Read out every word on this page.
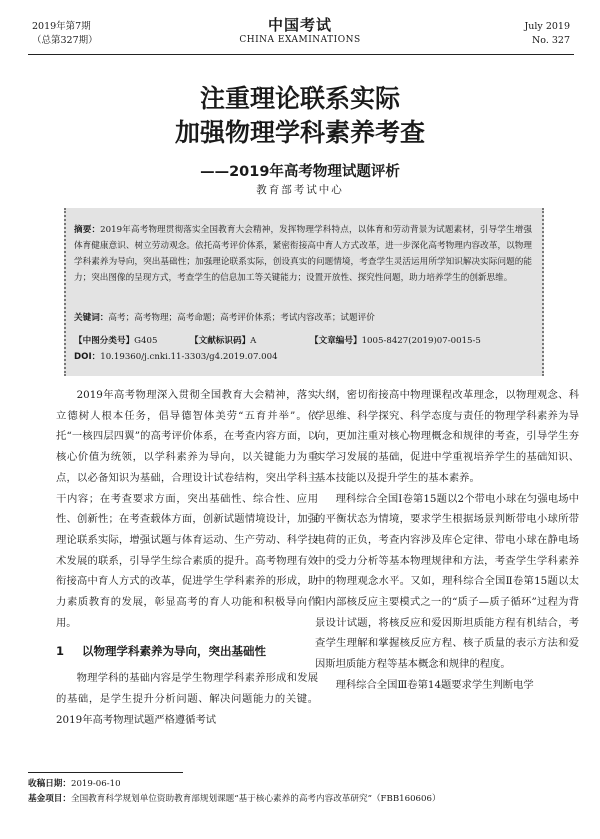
2019年第7期
（总第327期）
中国考试
CHINA EXAMINATIONS
July 2019
No. 327
注重理论联系实际
加强物理学科素养考查
——2019年高考物理试题评析
教育部考试中心
摘要：2019年高考物理贯彻落实全国教育大会精神，发挥物理学科特点，以体育和劳动背景为试题素材，引导学生增强体育健康意识、树立劳动观念。依托高考评价体系，紧密衔接高中育人方式改革，进一步深化高考物理内容改革，以物理学科素养为导向，突出基础性；加强理论联系实际，创设真实的问题情境，考查学生灵活运用所学知识解决实际问题的能力；突出图像的呈现方式，考查学生的信息加工等关键能力；设置开放性、探究性问题，助力培养学生的创新思维。
关键词：高考；高考物理；高考命题；高考评价体系；考试内容改革；试题评价
【中图分类号】G405	【文献标识码】A	【文章编号】1005-8427(2019)07-0015-5
DOI：10.19360/j.cnki.11-3303/g4.2019.07.004

2019年高考物理深入贯彻全国教育大会精神，落实立德树人根本任务，倡导德智体美劳“五育并举”。依托“一核四层四翼”的高考评价体系，在考查内容方面，以核心价值为统领，以学科素养为导向，以关键能力为重点，以必备知识为基础，合理设计试卷结构，突出学科主干内容；在考查要求方面，突出基础性、综合性、应用性、创新性；在考查载体方面，创新试题情境设计，加强理论联系实际，增强试题与体育运动、生产劳动、科学技术发展的联系，引导学生综合素质的提升。高考物理有效衔接高中育人方式的改革，促进学生学科素养的形成，助力素质教育的发展，彰显高考的育人功能和积极导向作用。

1 以物理学科素养为导向，突出基础性

物理学科的基础内容是学生物理学科素养形成和发展的基础，是学生提升分析问题、解决问题能力的关键。2019年高考物理试题严格遵循考试

大纲，密切衔接高中物理课程改革理念，以物理观念、科学思维、科学探究、科学态度与责任的物理学科素养为导向，更加注重对核心物理概念和规律的考查，引导学生夯实学习发展的基础，促进中学重视培养学生的基础知识、基本技能以及提升学生的基本素养。

理科综合全国Ⅰ卷第15题以2个带电小球在匀强电场中的平衡状态为情境，要求学生根据场景判断带电小球所带电荷的正负，考查内容涉及库仑定律、带电小球在静电场中的受力分析等基本物理规律和方法，考查学生学科素养中的物理观念水平。又如，理科综合全国Ⅱ卷第15题以太阳内部核反应主要模式之一的“质子—质子循环”过程为背景设计试题，将核反应和爱因斯坦质能方程有机结合，考查学生理解和掌握核反应方程、核子质量的表示方法和爱因斯坦质能方程等基本概念和规律的程度。

理科综合全国Ⅲ卷第14题要求学生判断电学

收稿日期：2019-06-10
基金项目：全国教育科学规划单位资助教育部规划课题“基于核心素养的高考内容改革研究”（FBB160606）
